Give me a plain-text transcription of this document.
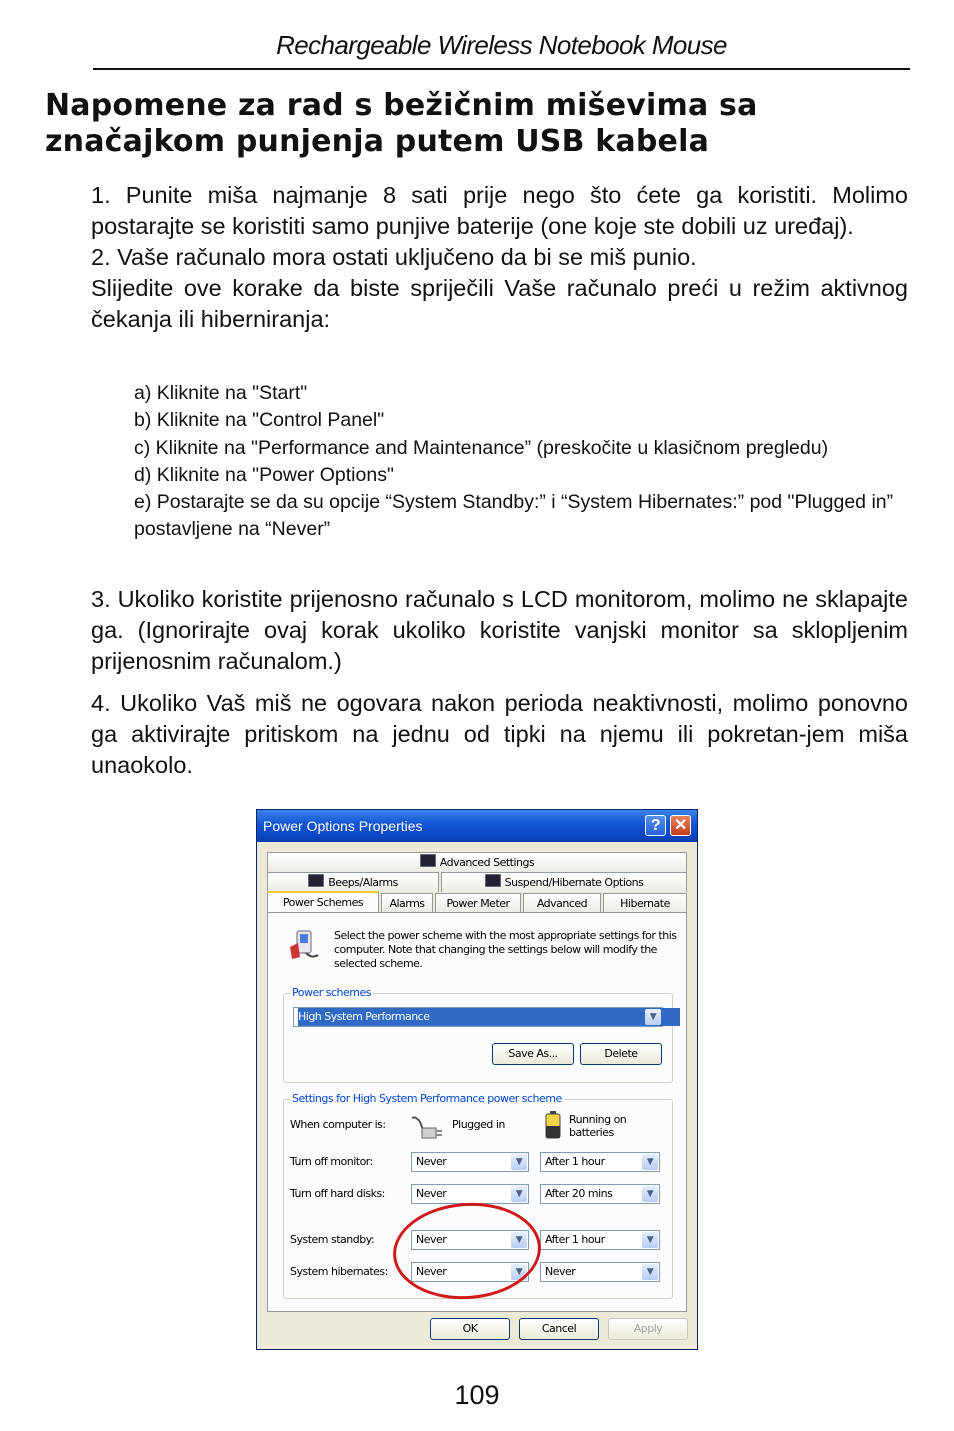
Rechargeable Wireless Notebook Mouse
Napomene za rad s bežičnim miševima sa
značajkom punjenja putem USB kabela

1. Punite miša najmanje 8 sati prije nego što ćete ga koristiti. Molimo postarajte se koristiti samo punjive baterije (one koje ste dobili uz uređaj).

2. Vaše računalo mora ostati uključeno da bi se miš punio.

Slijedite ove korake da biste spriječili Vaše računalo preći u režim aktivnog čekanja ili hiberniranja:

a) Kliknite na "Start"
b) Kliknite na "Control Panel"
c) Kliknite na "Performance and Maintenance” (preskočite u klasičnom pregledu)
d) Kliknite na "Power Options"
e) Postarajte se da su opcije “System Standby:” i “System Hibernates:” pod "Plugged in” postavljene na “Never”

3. Ukoliko koristite prijenosno računalo s LCD monitorom, molimo ne sklapajte ga. (Ignorirajte ovaj korak ukoliko koristite vanjski monitor sa sklopljenim prijenosnim računalom.)

4. Ukoliko Vaš miš ne ogovara nakon perioda neaktivnosti, molimo ponovno ga aktivirajte pritiskom na jednu od tipki na njemu ili pokretan-jem miša unaokolo.

Power Options Properties	? ✕
Advanced Settings
Beeps/Alarms	Suspend/Hibernate Options
Power Schemes	Alarms	Power Meter	Advanced	Hibernate
Select the power scheme with the most appropriate settings for this computer. Note that changing the settings below will modify the selected scheme.
Power schemes
High System Performance	▼
Save As...	Delete
Settings for High System Performance power scheme
When computer is:	Plugged in	Running on batteries
Turn off monitor:	Never	▼	After 1 hour	▼
Turn off hard disks:	Never	▼	After 20 mins	▼
System standby:	Never	▼	After 1 hour	▼
System hibernates:	Never	▼	Never	▼
OK	Cancel	Apply
109
